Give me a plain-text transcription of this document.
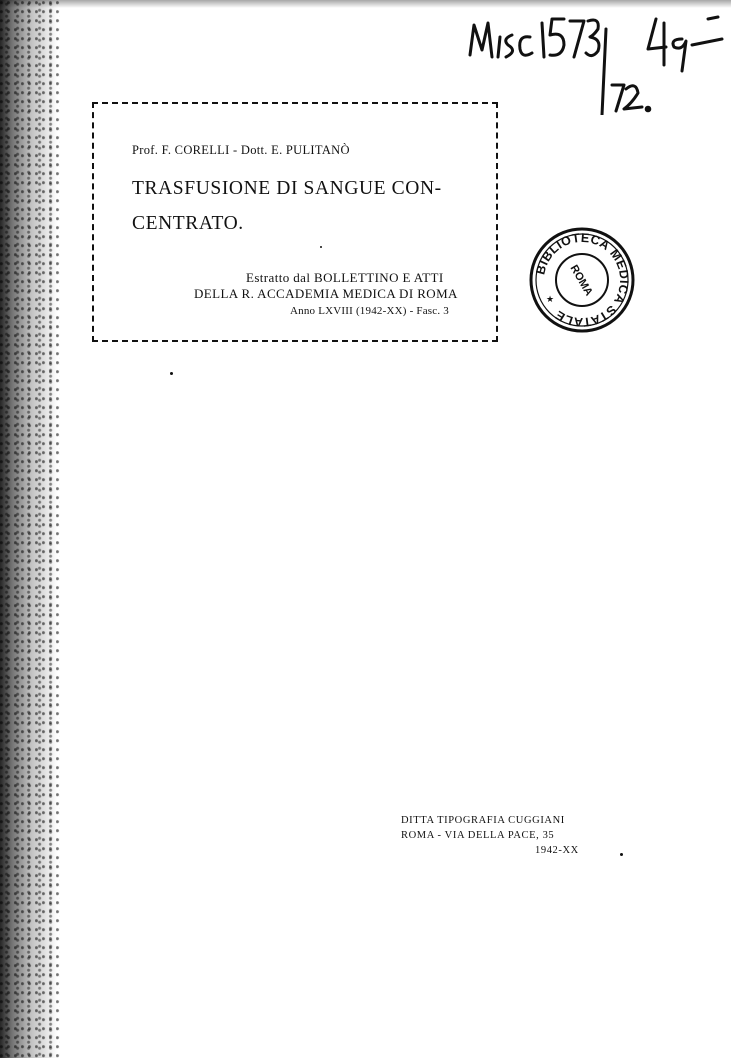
Prof. F. CORELLI - Dott. E. PULITANÒ
TRASFUSIONE DI SANGUE CON-
CENTRATO.
Estratto dal BOLLETTINO E ATTI
DELLA R. ACCADEMIA MEDICA DI ROMA
Anno LXVIII (1942-XX) - Fasc. 3
BIBLIOTECA MEDICA STATALE
ROMA
★
DITTA TIPOGRAFIA CUGGIANI
ROMA - VIA DELLA PACE, 35
1942-XX
